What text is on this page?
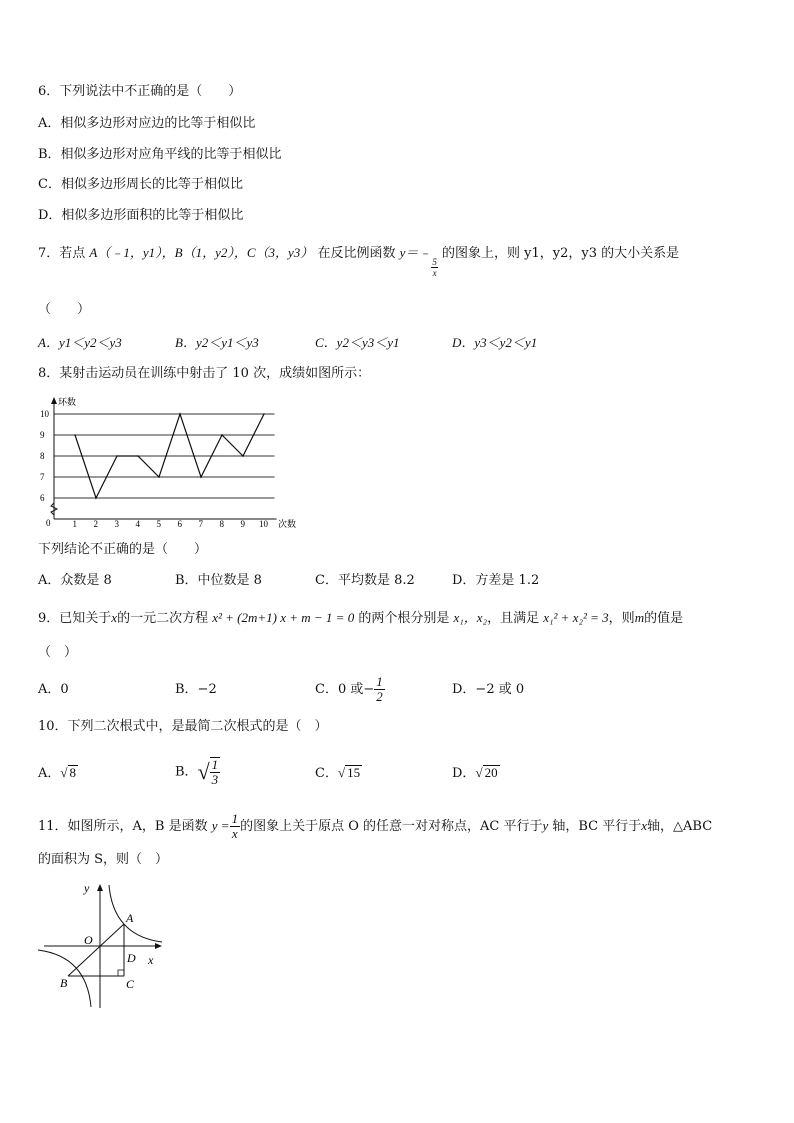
6．下列说法中不正确的是（　　）
A．相似多边形对应边的比等于相似比
B．相似多边形对应角平线的比等于相似比
C．相似多边形周长的比等于相似比
D．相似多边形面积的比等于相似比
7．若点 A（﹣1，y1），B（1，y2），C（3，y3） 在反比例函数 y＝﹣
$\frac{5}{x}$
的图象上，则 y1，y2，y3 的大小关系是
（　　）
A．y1＜y2＜y3	B．y2＜y1＜y3	C．y2＜y3＜y1	D．y3＜y2＜y1
8．某射击运动员在训练中射击了 10 次，成绩如图所示：
6
7
8
9
10
1 2 3 4 5 6 7 8 9 10
环数
次数
0
下列结论不正确的是（　　）
A．众数是 8	B．中位数是 8	C．平均数是 8.2	D．方差是 1.2
9．已知关于x的一元二次方程 x² + (2m+1) x + m − 1 = 0 的两个根分别是 x₁，x₂，且满足 x₁² + x₂² = 3，则m的值是
（　）
A．0	B．−2	C．0 或− $\frac{1}{2}$	D．−2 或 0
10．下列二次根式中，是最简二次根式的是（　）
A．√ 8	B．√ $\frac{1}{3}$	C．√ 15	D．√ 20
11．如图所示，A，B 是函数 $y = \frac{1}{x}$ 的图象上关于原点 O 的任意一对对称点，AC 平行于y 轴，BC 平行于x轴，△ABC
的面积为 S，则（　）
y
x
O
A
B	C
D
